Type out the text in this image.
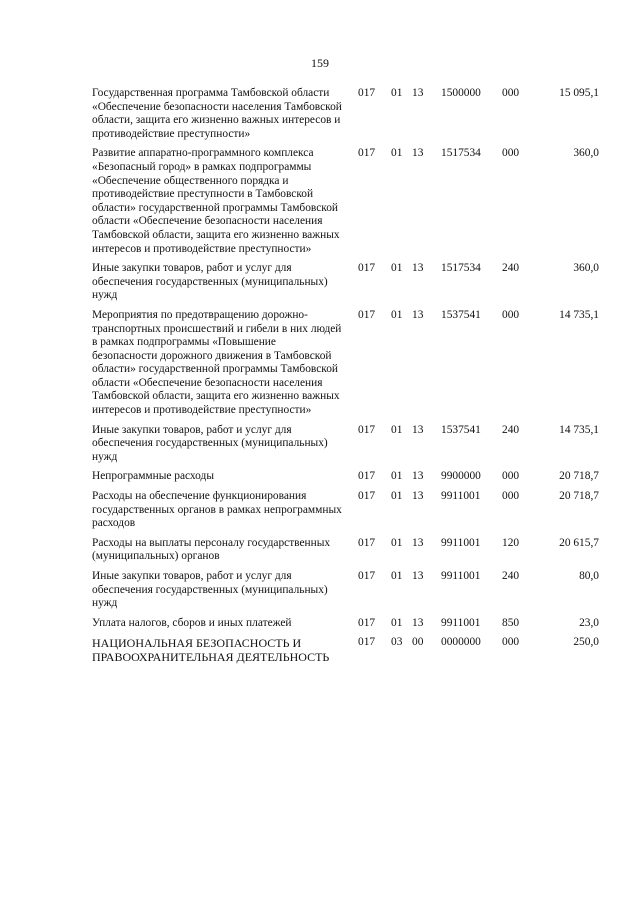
159
Государственная программа Тамбовской области «Обеспечение безопасности населения Тамбовской области, защита его жизненно важных интересов и противодействие преступности»
017 01 13 1500000 000	15 095,1
Развитие аппаратно-программного комплекса «Безопасный город» в рамках подпрограммы «Обеспечение общественного порядка и противодействие преступности в Тамбовской области» государственной программы Тамбовской области «Обеспечение безопасности населения Тамбовской области, защита его жизненно важных интересов и противодействие преступности»
017 01 13 1517534 000	360,0
Иные закупки товаров, работ и услуг для обеспечения государственных (муниципальных) нужд
017 01 13 1517534 240	360,0
Мероприятия по предотвращению дорожно-транспортных происшествий и гибели в них людей в рамках подпрограммы «Повышение безопасности дорожного движения в Тамбовской области» государственной программы Тамбовской области «Обеспечение безопасности населения Тамбовской области, защита его жизненно важных интересов и противодействие преступности»
017 01 13 1537541 000	14 735,1
Иные закупки товаров, работ и услуг для обеспечения государственных (муниципальных) нужд
017 01 13 1537541 240	14 735,1
Непрограммные расходы	017 01 13 9900000 000	20 718,7
Расходы на обеспечение функционирования государственных органов в рамках непрограммных расходов
017 01 13 9911001 000	20 718,7
Расходы на выплаты персоналу государственных (муниципальных) органов
017 01 13 9911001 120	20 615,7
Иные закупки товаров, работ и услуг для обеспечения государственных (муниципальных) нужд
017 01 13 9911001 240	80,0
Уплата налогов, сборов и иных платежей	017 01 13 9911001 850	23,0
НАЦИОНАЛЬНАЯ БЕЗОПАСНОСТЬ И ПРАВООХРАНИТЕЛЬНАЯ ДЕЯТЕЛЬНОСТЬ
017 03 00 0000000 000	250,0
